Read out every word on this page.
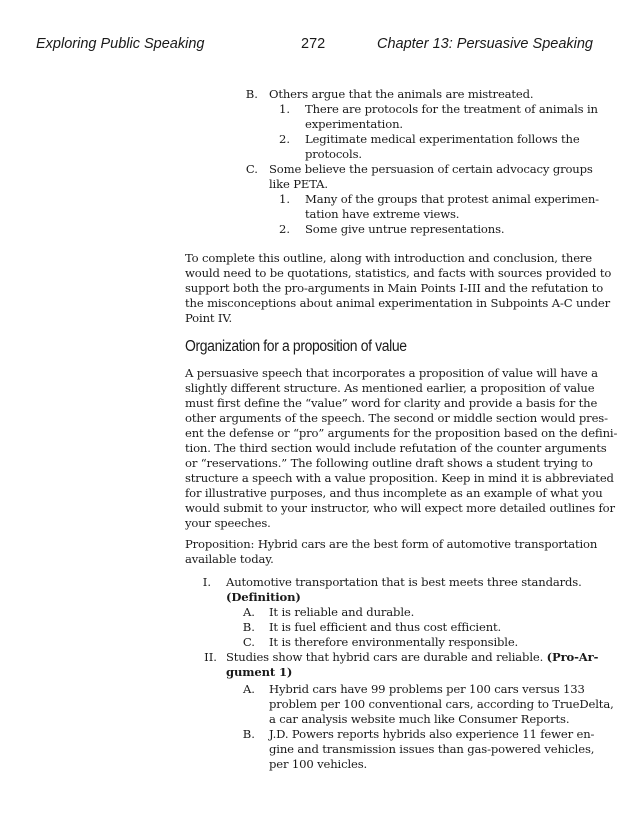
Exploring Public Speaking	272	Chapter 13: Persuasive Speaking
B. Others argue that the animals are mistreated.
1. There are protocols for the treatment of animals in
experimentation.
2. Legitimate medical experimentation follows the
protocols.
C. Some believe the persuasion of certain advocacy groups
like PETA.
1. Many of the groups that protest animal experimen-
tation have extreme views.
2. Some give untrue representations.
To complete this outline, along with introduction and conclusion, there
would need to be quotations, statistics, and facts with sources provided to
support both the pro-arguments in Main Points I-III and the refutation to
the misconceptions about animal experimentation in Subpoints A-C under
Point IV.
Organization for a proposition of value
A persuasive speech that incorporates a proposition of value will have a
slightly different structure. As mentioned earlier, a proposition of value
must first define the “value” word for clarity and provide a basis for the
other arguments of the speech. The second or middle section would pres-
ent the defense or “pro” arguments for the proposition based on the defini-
tion. The third section would include refutation of the counter arguments
or “reservations.” The following outline draft shows a student trying to
structure a speech with a value proposition. Keep in mind it is abbreviated
for illustrative purposes, and thus incomplete as an example of what you
would submit to your instructor, who will expect more detailed outlines for
your speeches.
Proposition: Hybrid cars are the best form of automotive transportation
available today.
I. Automotive transportation that is best meets three standards.
(Definition)
A. It is reliable and durable.
B. It is fuel efficient and thus cost efficient.
C. It is therefore environmentally responsible.
II. Studies show that hybrid cars are durable and reliable. (Pro-Ar-
gument 1)
A. Hybrid cars have 99 problems per 100 cars versus 133
problem per 100 conventional cars, according to TrueDelta,
a car analysis website much like Consumer Reports.
B. J.D. Powers reports hybrids also experience 11 fewer en-
gine and transmission issues than gas-powered vehicles,
per 100 vehicles.
